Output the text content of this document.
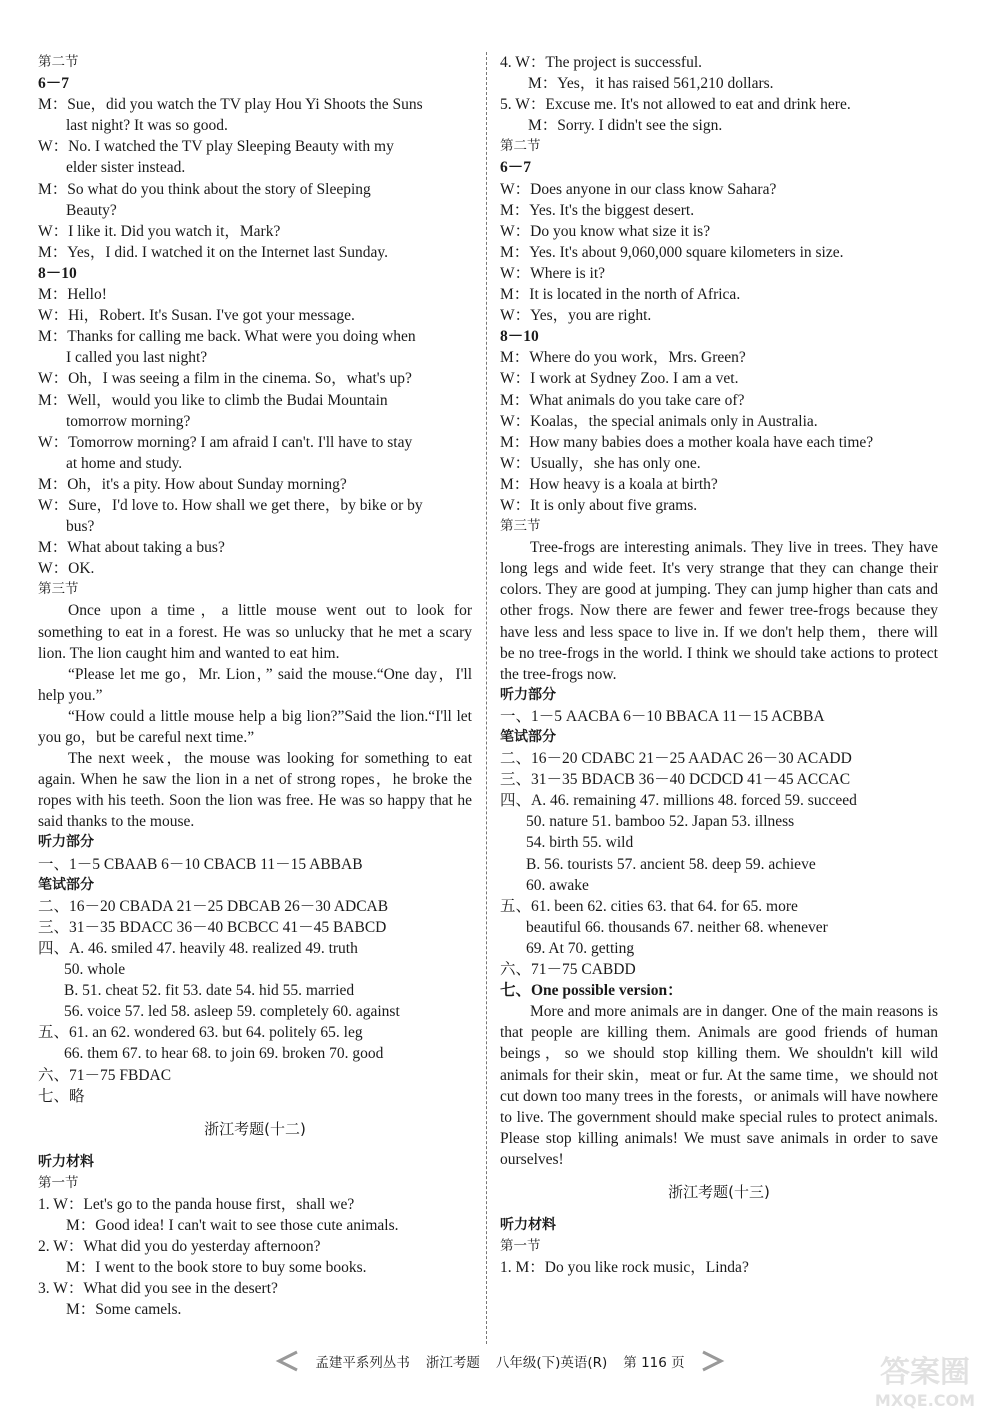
第二节
6－7
M：Sue，did you watch the TV play Hou Yi Shoots the Suns
last night? It was so good.
W：No. I watched the TV play Sleeping Beauty with my
elder sister instead.
M：So what do you think about the story of Sleeping
Beauty?
W：I like it. Did you watch it，Mark?
M：Yes，I did. I watched it on the Internet last Sunday.
8－10
M：Hello!
W：Hi，Robert. It's Susan. I've got your message.
M：Thanks for calling me back. What were you doing when
I called you last night?
W：Oh，I was seeing a film in the cinema. So，what's up?
M：Well，would you like to climb the Budai Mountain
tomorrow morning?
W：Tomorrow morning? I am afraid I can't. I'll have to stay
at home and study.
M：Oh，it's a pity. How about Sunday morning?
W：Sure，I'd love to. How shall we get there，by bike or by
bus?
M：What about taking a bus?
W：OK.
第三节
Once upon a time，a little mouse went out to look for something to eat in a forest. He was so unlucky that he met a scary lion. The lion caught him and wanted to eat him.
“Please let me go，Mr. Lion，” said the mouse.“One day，I'll help you.”
“How could a little mouse help a big lion?”Said the lion.“I'll let you go，but be careful next time.”
The next week，the mouse was looking for something to eat again. When he saw the lion in a net of strong ropes，he broke the ropes with his teeth. Soon the lion was free. He was so happy that he said thanks to the mouse.
听力部分
一、1－5 CBAAB 6－10 CBACB 11－15 ABBAB
笔试部分
二、16－20 CBADA 21－25 DBCAB 26－30 ADCAB
三、31－35 BDACC 36－40 BCBCC 41－45 BABCD
四、A. 46. smiled 47. heavily 48. realized 49. truth
50. whole
B. 51. cheat 52. fit 53. date 54. hid 55. married
56. voice 57. led 58. asleep 59. completely 60. against
五、61. an 62. wondered 63. but 64. politely 65. leg
66. them 67. to hear 68. to join 69. broken 70. good
六、71－75 FBDAC
七、略
浙江考题(十二)
听力材料
第一节
1. W：Let's go to the panda house first，shall we?
M：Good idea! I can't wait to see those cute animals.
2. W：What did you do yesterday afternoon?
M：I went to the book store to buy some books.
3. W：What did you see in the desert?
M：Some camels.
4. W：The project is successful.
M：Yes，it has raised 561,210 dollars.
5. W：Excuse me. It's not allowed to eat and drink here.
M：Sorry. I didn't see the sign.
第二节
6－7
W：Does anyone in our class know Sahara?
M：Yes. It's the biggest desert.
W：Do you know what size it is?
M：Yes. It's about 9,060,000 square kilometers in size.
W：Where is it?
M：It is located in the north of Africa.
W：Yes，you are right.
8－10
M：Where do you work，Mrs. Green?
W：I work at Sydney Zoo. I am a vet.
M：What animals do you take care of?
W：Koalas，the special animals only in Australia.
M：How many babies does a mother koala have each time?
W：Usually，she has only one.
M：How heavy is a koala at birth?
W：It is only about five grams.
第三节
Tree-frogs are interesting animals. They live in trees. They have long legs and wide feet. It's very strange that they can change their colors. They are good at jumping. They can jump higher than cats and other frogs. Now there are fewer and fewer tree-frogs because they have less and less space to live in. If we don't help them，there will be no tree-frogs in the world. I think we should take actions to protect the tree-frogs now.
听力部分
一、1－5 AACBA 6－10 BBACA 11－15 ACBBA
笔试部分
二、16－20 CDABC 21－25 AADAC 26－30 ACADD
三、31－35 BDACB 36－40 DCDCD 41－45 ACCAC
四、A. 46. remaining 47. millions 48. forced 59. succeed
50. nature 51. bamboo 52. Japan 53. illness
54. birth 55. wild
B. 56. tourists 57. ancient 58. deep 59. achieve
60. awake
五、61. been 62. cities 63. that 64. for 65. more
beautiful 66. thousands 67. neither 68. whenever
69. At 70. getting
六、71－75 CABDD
七、One possible version：
More and more animals are in danger. One of the main reasons is that people are killing them. Animals are good friends of human beings，so we should stop killing them. We shouldn't kill wild animals for their skin，meat or fur. At the same time，we should not cut down too many trees in the forests，or animals will have nowhere to live. The government should make special rules to protect animals. Please stop killing animals! We must save animals in order to save ourselves!
浙江考题(十三)
听力材料
第一节
1. M：Do you like rock music，Linda?
孟建平系列丛书 浙江考题 八年级(下)英语(R) 第 116 页	答案圈
MXQE.COM
